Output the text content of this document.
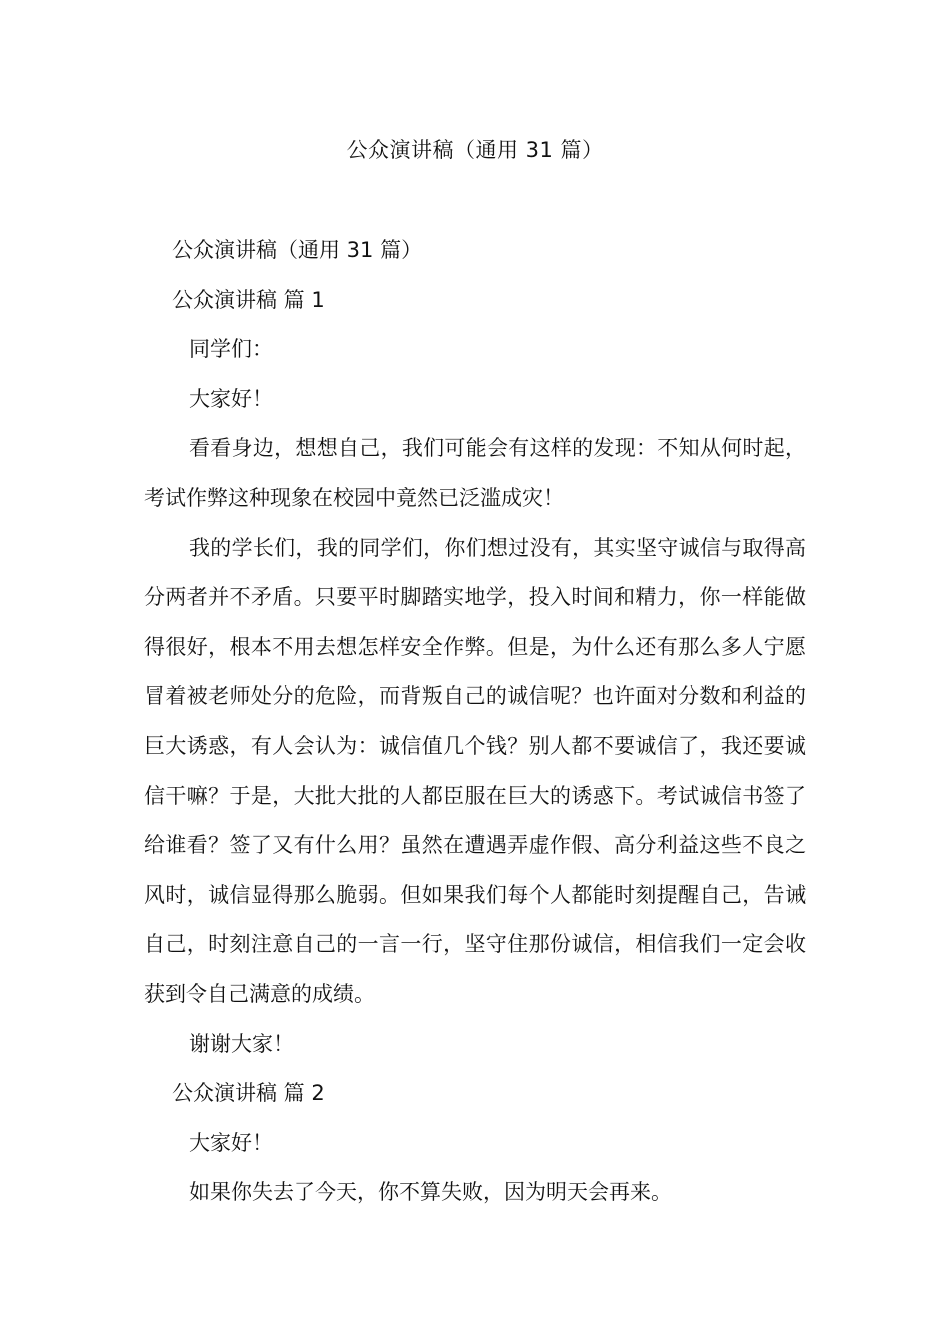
公众演讲稿（通用 31 篇）

公众演讲稿（通用 31 篇）

公众演讲稿 篇 1

同学们：

大家好！

看看身边，想想自己，我们可能会有这样的发现：不知从何时起，考试作弊这种现象在校园中竟然已泛滥成灾！

我的学长们，我的同学们，你们想过没有，其实坚守诚信与取得高分两者并不矛盾。只要平时脚踏实地学，投入时间和精力，你一样能做得很好，根本不用去想怎样安全作弊。但是，为什么还有那么多人宁愿冒着被老师处分的危险，而背叛自己的诚信呢？也许面对分数和利益的巨大诱惑，有人会认为：诚信值几个钱？别人都不要诚信了，我还要诚信干嘛？于是，大批大批的人都臣服在巨大的诱惑下。考试诚信书签了给谁看？签了又有什么用？虽然在遭遇弄虚作假、高分利益这些不良之风时，诚信显得那么脆弱。但如果我们每个人都能时刻提醒自己，告诫自己，时刻注意自己的一言一行，坚守住那份诚信，相信我们一定会收获到令自己满意的成绩。

谢谢大家！

公众演讲稿 篇 2

大家好！

如果你失去了今天，你不算失败，因为明天会再来。
